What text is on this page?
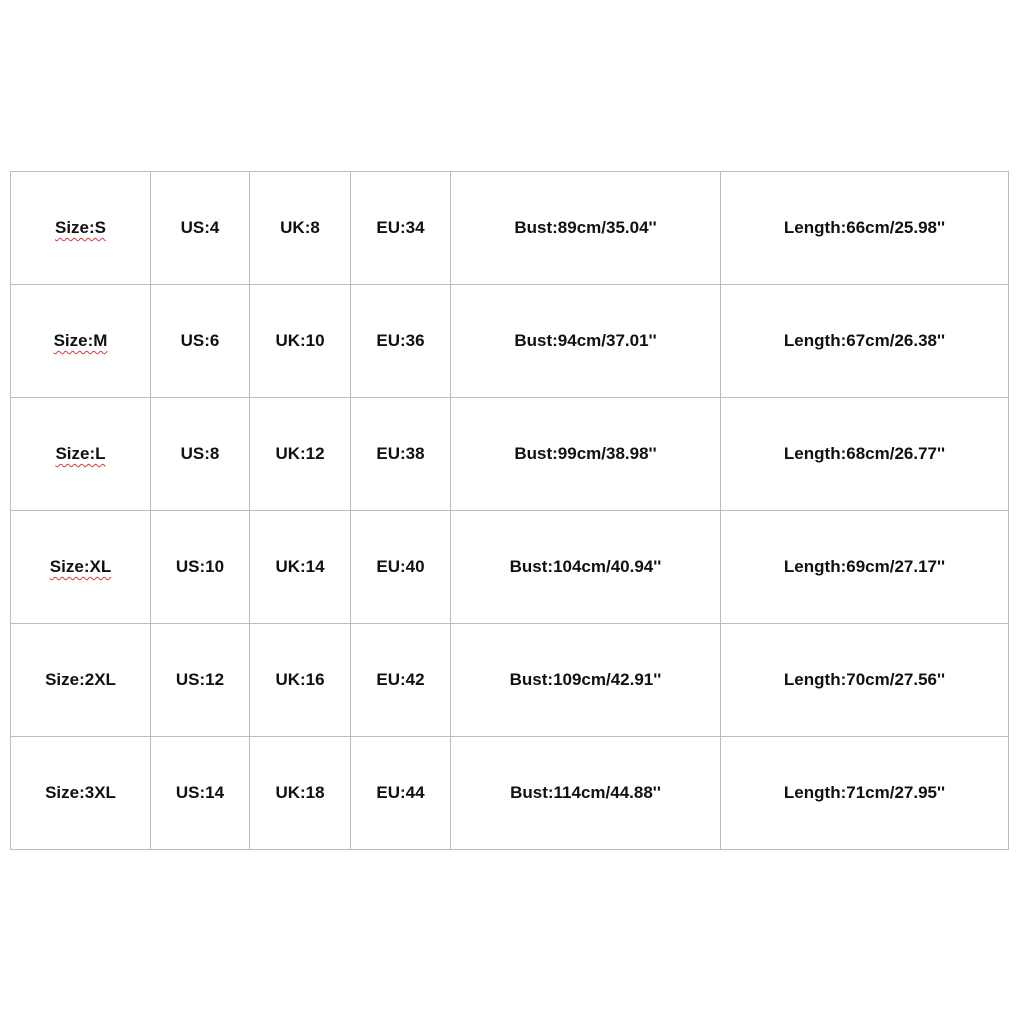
Size:S	US:4	UK:8	EU:34	Bust:89cm/35.04''	Length:66cm/25.98''
Size:M	US:6	UK:10	EU:36	Bust:94cm/37.01''	Length:67cm/26.38''
Size:L	US:8	UK:12	EU:38	Bust:99cm/38.98''	Length:68cm/26.77''
Size:XL	US:10	UK:14	EU:40	Bust:104cm/40.94''	Length:69cm/27.17''
Size:2XL	US:12	UK:16	EU:42	Bust:109cm/42.91''	Length:70cm/27.56''
Size:3XL	US:14	UK:18	EU:44	Bust:114cm/44.88''	Length:71cm/27.95''
